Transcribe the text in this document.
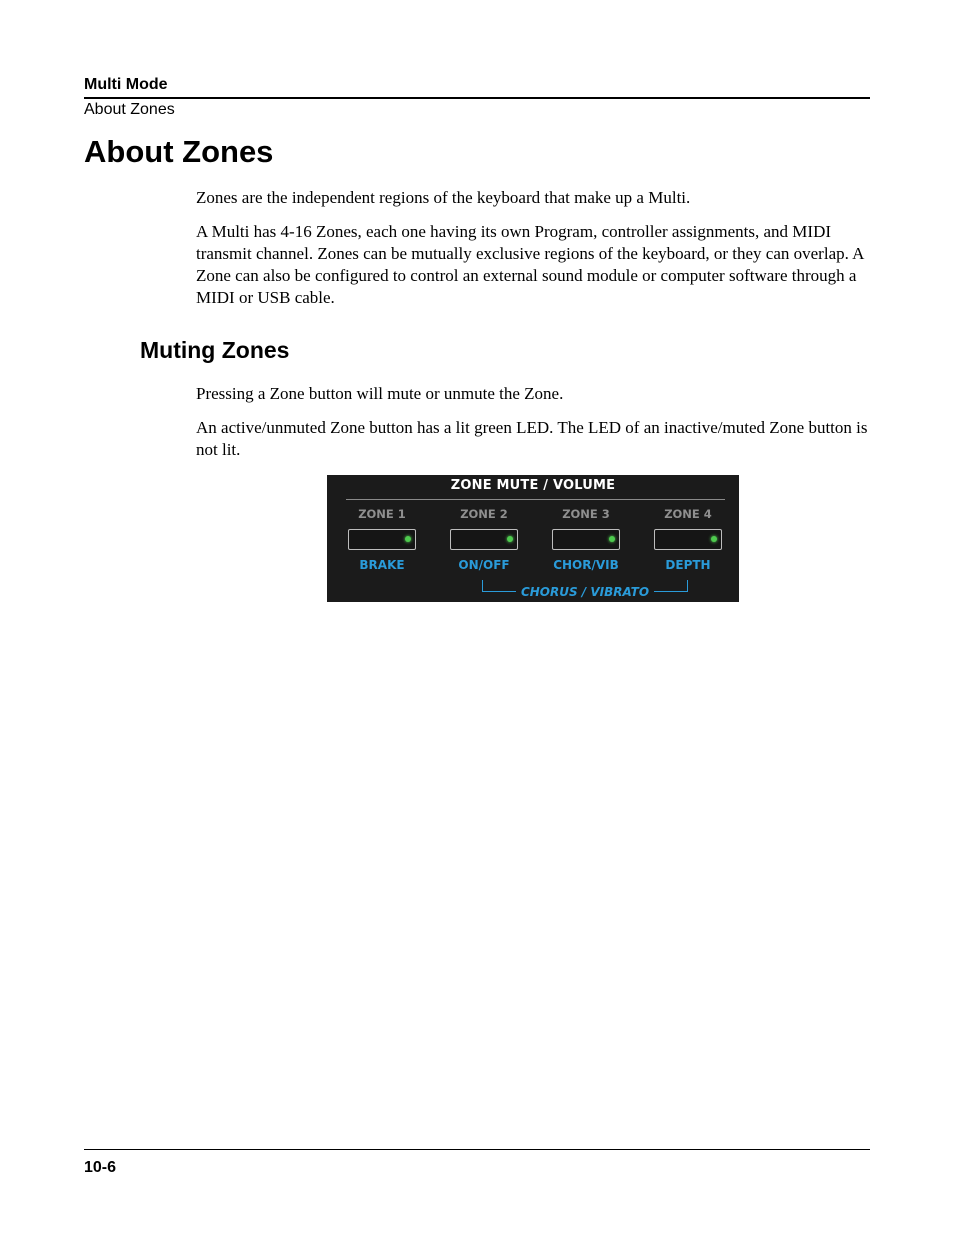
Multi Mode
About Zones
About Zones

Zones are the independent regions of the keyboard that make up a Multi.

A Multi has 4-16 Zones, each one having its own Program, controller assignments, and MIDI transmit channel. Zones can be mutually exclusive regions of the keyboard, or they can overlap. A Zone can also be configured to control an external sound module or computer software through a MIDI or USB cable.

Muting Zones

Pressing a Zone button will mute or unmute the Zone.

An active/unmuted Zone button has a lit green LED. The LED of an inactive/muted Zone button is not lit.

ZONE MUTE / VOLUME
ZONE 1	ZONE 2	ZONE 3	ZONE 4
BRAKE	ON/OFF	CHOR/VIB	DEPTH
CHORUS / VIBRATO
10-6
